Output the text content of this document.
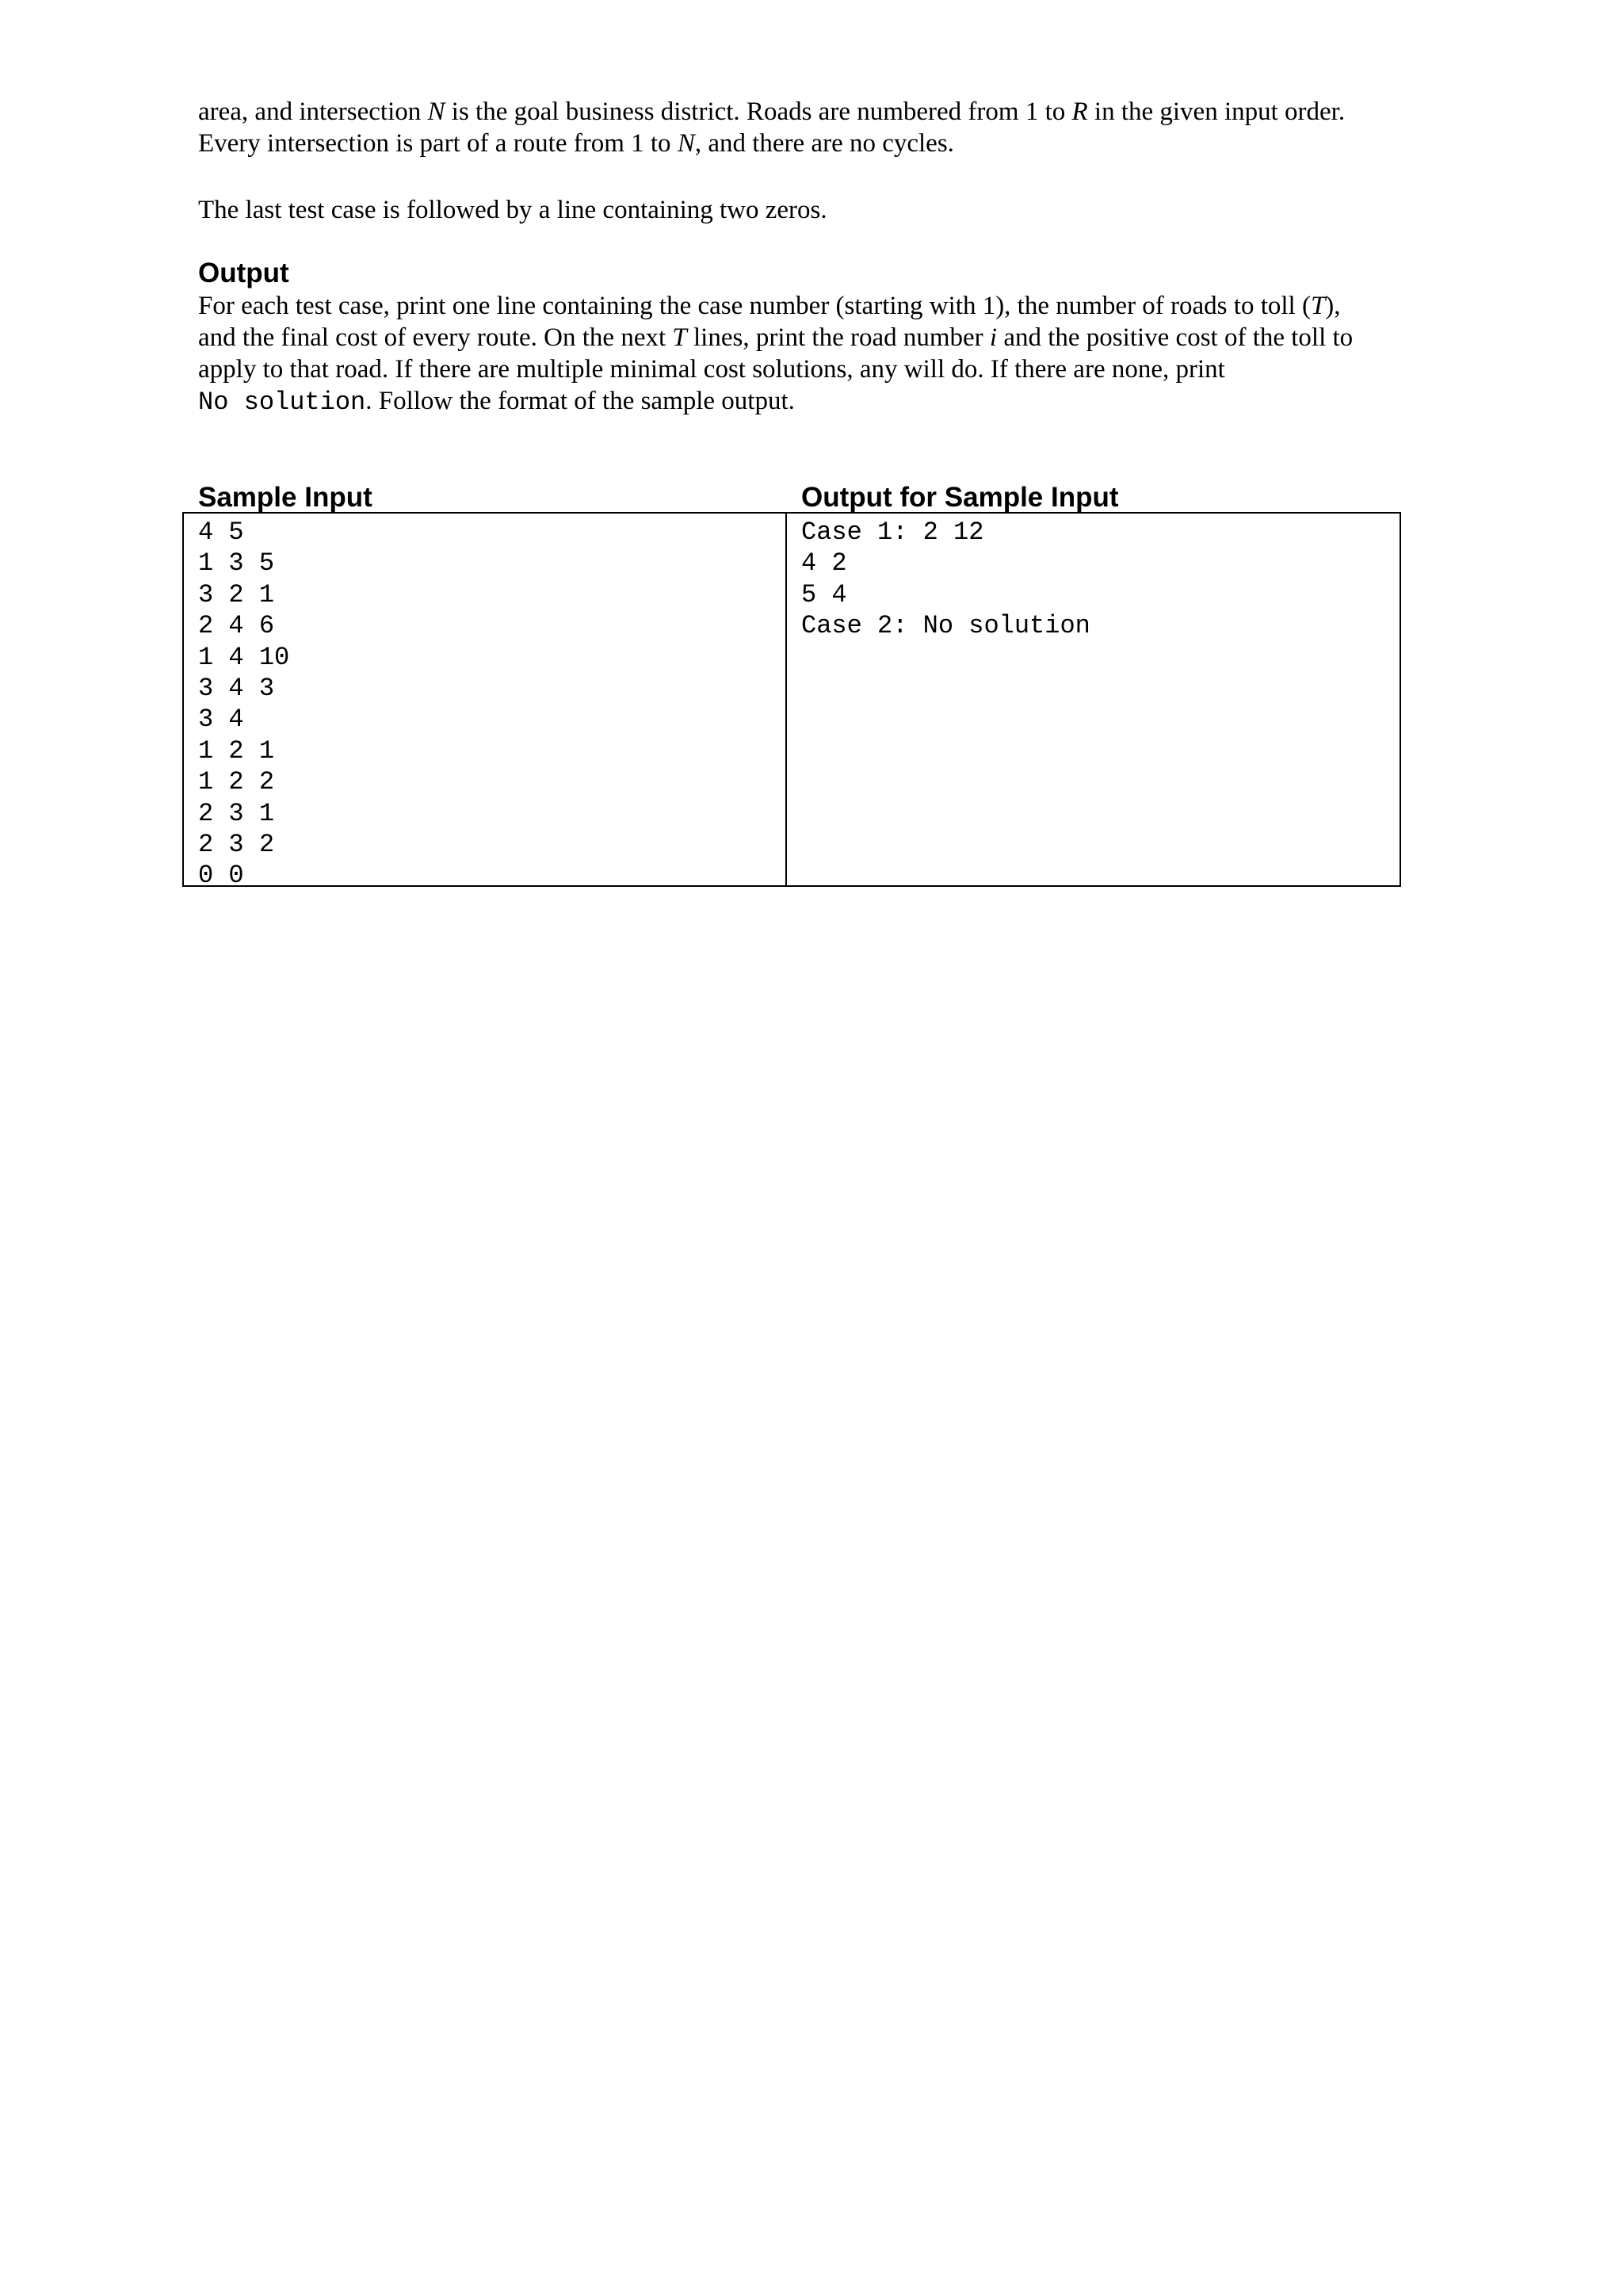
area, and intersection N is the goal business district. Roads are numbered from 1 to R in the given input order.
Every intersection is part of a route from 1 to N, and there are no cycles.

The last test case is followed by a line containing two zeros.

Output

For each test case, print one line containing the case number (starting with 1), the number of roads to toll (T),
and the final cost of every route. On the next T lines, print the road number i and the positive cost of the toll to
apply to that road. If there are multiple minimal cost solutions, any will do. If there are none, print
No solution. Follow the format of the sample output.

Sample Input	Output for Sample Input
4 5
1 3 5
3 2 1
2 4 6
1 4 10
3 4 3
3 4
1 2 1
1 2 2
2 3 1
2 3 2
0 0
Case 1: 2 12
4 2
5 4
Case 2: No solution
